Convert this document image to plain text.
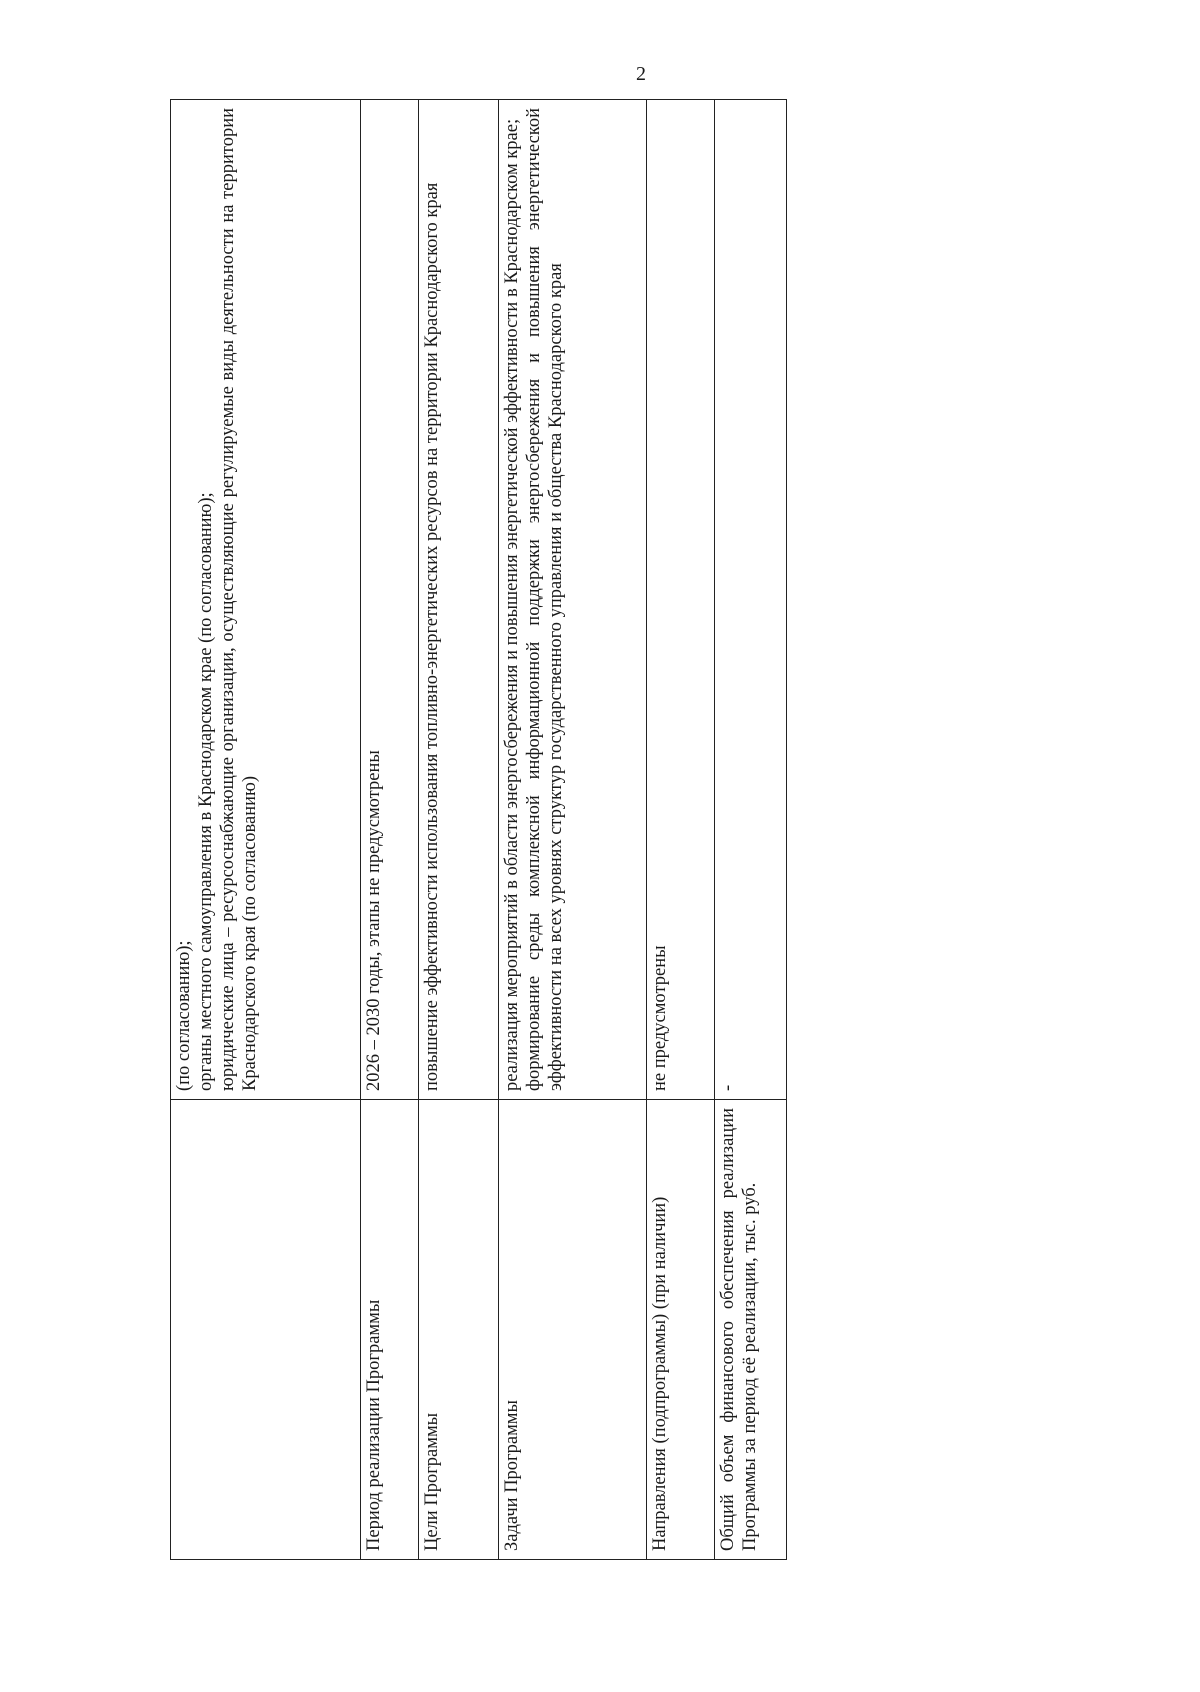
2

	(по согласованию); органы местного самоуправления в Краснодарском крае (по согласованию); юридические лица – ресурсоснабжающие организации, осуществляющие регулируемые виды деятельности на территории Краснодарского края (по согласованию)

Период реализации Программы	2026 – 2030 годы, этапы не предусмотрены

Цели Программы	повышение эффективности использования топливно-энергетических ресурсов на территории Краснодарского края

Задачи Программы	реализация мероприятий в области энергосбережения и повышения энергетической эффективности в Краснодарском крае; формирование среды комплексной информационной поддержки энергосбережения и повышения энергетической эффективности на всех уровнях структур государственного управления и общества Краснодарского края

Направления (подпрограммы) (при наличии)	не предусмотрены

Общий объем финансового обеспечения реализации Программы за период её реализации, тыс. руб.	-
